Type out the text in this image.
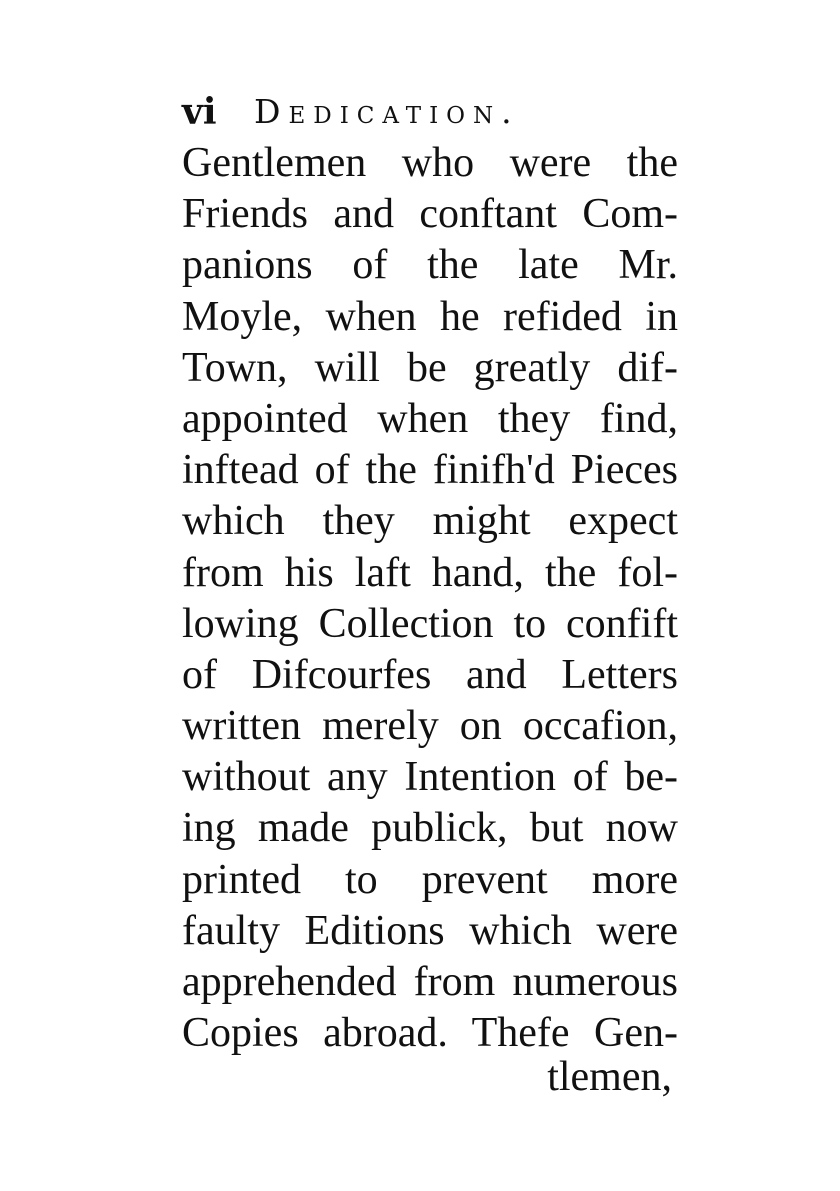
vi Dedication.
Gentlemen who were the
Friends and conftant Com-
panions of the late Mr.
Moyle, when he refided in
Town, will be greatly dif-
appointed when they find,
inftead of the finifh'd Pieces
which they might expect
from his laft hand, the fol-
lowing Collection to confift
of Difcourfes and Letters
written merely on occafion,
without any Intention of be-
ing made publick, but now
printed to prevent more
faulty Editions which were
apprehended from numerous
Copies abroad. Thefe Gen-
tlemen,
